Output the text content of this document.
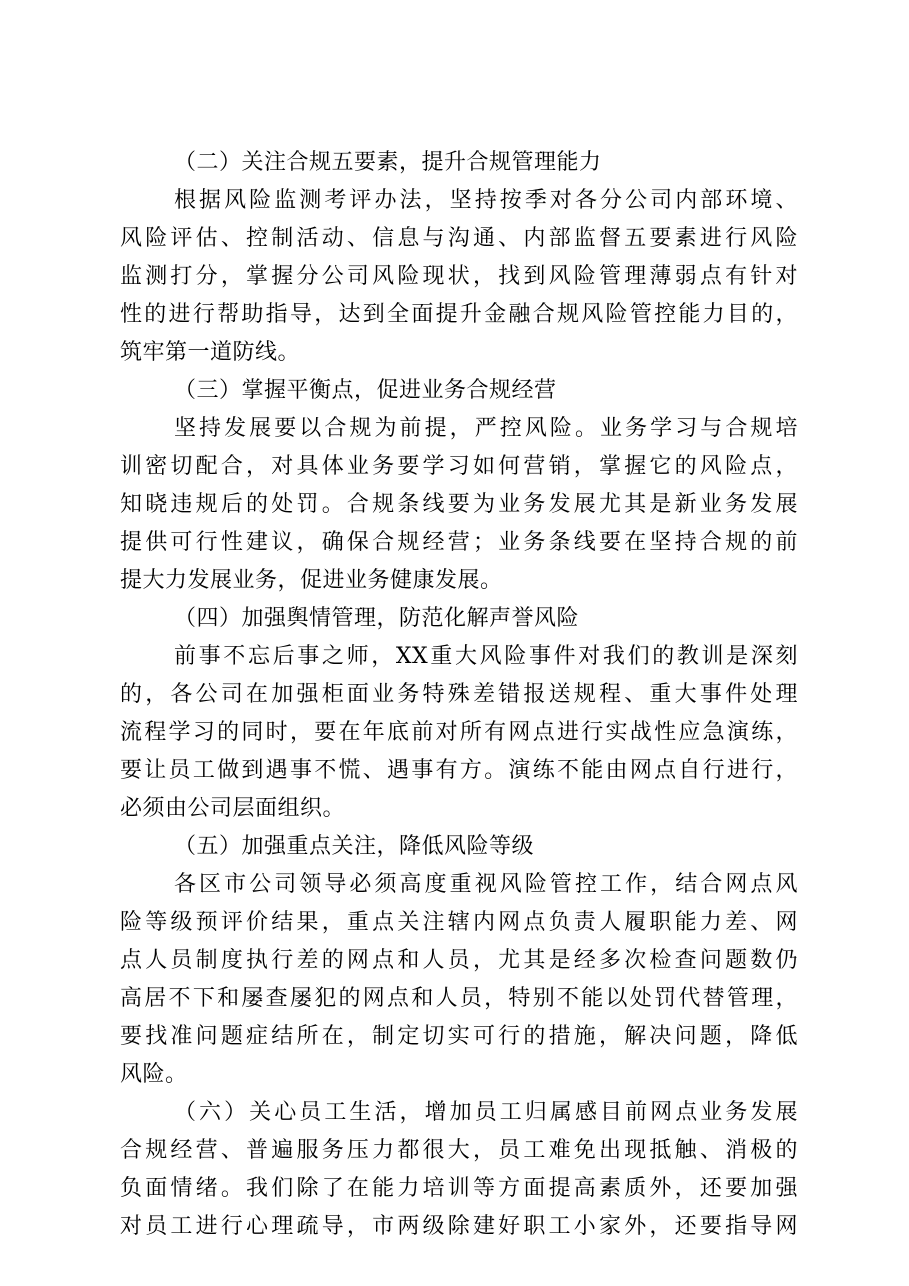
（二）关注合规五要素，提升合规管理能力
根据风险监测考评办法，坚持按季对各分公司内部环境、
风险评估、控制活动、信息与沟通、内部监督五要素进行风险
监测打分，掌握分公司风险现状，找到风险管理薄弱点有针对
性的进行帮助指导，达到全面提升金融合规风险管控能力目的，
筑牢第一道防线。
（三）掌握平衡点，促进业务合规经营
坚持发展要以合规为前提，严控风险。业务学习与合规培
训密切配合，对具体业务要学习如何营销，掌握它的风险点，
知晓违规后的处罚。合规条线要为业务发展尤其是新业务发展
提供可行性建议，确保合规经营；业务条线要在坚持合规的前
提大力发展业务，促进业务健康发展。
（四）加强舆情管理，防范化解声誉风险
前事不忘后事之师，XX重大风险事件对我们的教训是深刻
的，各公司在加强柜面业务特殊差错报送规程、重大事件处理
流程学习的同时，要在年底前对所有网点进行实战性应急演练，
要让员工做到遇事不慌、遇事有方。演练不能由网点自行进行，
必须由公司层面组织。
（五）加强重点关注，降低风险等级
各区市公司领导必须高度重视风险管控工作，结合网点风
险等级预评价结果，重点关注辖内网点负责人履职能力差、网
点人员制度执行差的网点和人员，尤其是经多次检查问题数仍
高居不下和屡查屡犯的网点和人员，特别不能以处罚代替管理，
要找准问题症结所在，制定切实可行的措施，解决问题，降低
风险。
（六）关心员工生活，增加员工归属感目前网点业务发展
合规经营、普遍服务压力都很大，员工难免出现抵触、消极的
负面情绪。我们除了在能力培训等方面提高素质外，还要加强
对员工进行心理疏导，市两级除建好职工小家外，还要指导网
